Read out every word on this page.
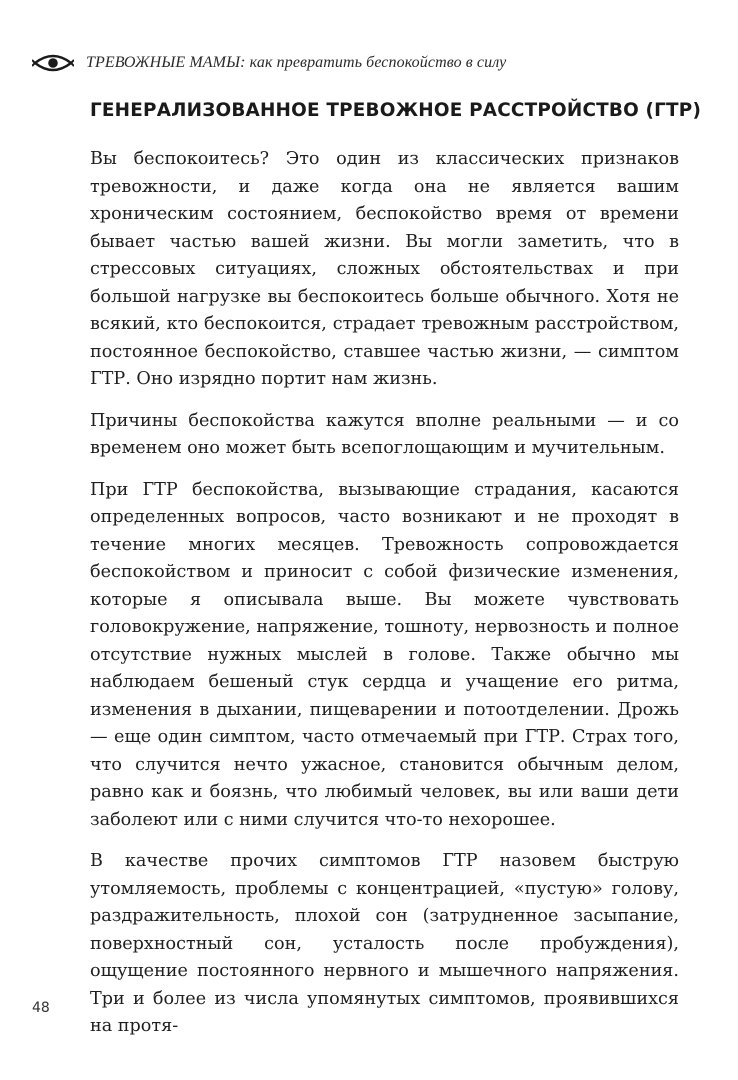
ТРЕВОЖНЫЕ МАМЫ: как превратить беспокойство в силу
ГЕНЕРАЛИЗОВАННОЕ ТРЕВОЖНОЕ РАССТРОЙСТВО (ГТР)

Вы беспокоитесь? Это один из классических признаков тревожности, и даже когда она не является вашим хроническим состоянием, беспокойство время от времени бывает частью вашей жизни. Вы могли заметить, что в стрессовых ситуациях, сложных обстоятельствах и при большой нагрузке вы беспокоитесь больше обычного. Хотя не всякий, кто беспокоится, страдает тревожным расстройством, постоянное беспокойство, ставшее частью жизни, — симптом ГТР. Оно изрядно портит нам жизнь.

Причины беспокойства кажутся вполне реальными — и со временем оно может быть всепоглощающим и мучительным.

При ГТР беспокойства, вызывающие страдания, касаются определенных вопросов, часто возникают и не проходят в течение многих месяцев. Тревожность сопровождается беспокойством и приносит с собой физические изменения, которые я описывала выше. Вы можете чувствовать головокружение, напряжение, тошноту, нервозность и полное отсутствие нужных мыслей в голове. Также обычно мы наблюдаем бешеный стук сердца и учащение его ритма, изменения в дыхании, пищеварении и потоотделении. Дрожь — еще один симптом, часто отмечаемый при ГТР. Страх того, что случится нечто ужасное, становится обычным делом, равно как и боязнь, что любимый человек, вы или ваши дети заболеют или с ними случится что-то нехорошее.

В качестве прочих симптомов ГТР назовем быструю утомляемость, проблемы с концентрацией, «пустую» голову, раздражительность, плохой сон (затрудненное засыпание, поверхностный сон, усталость после пробуждения), ощущение постоянного нервного и мышечного напряжения. Три и более из числа упомянутых симптомов, проявившихся на протя-

48
